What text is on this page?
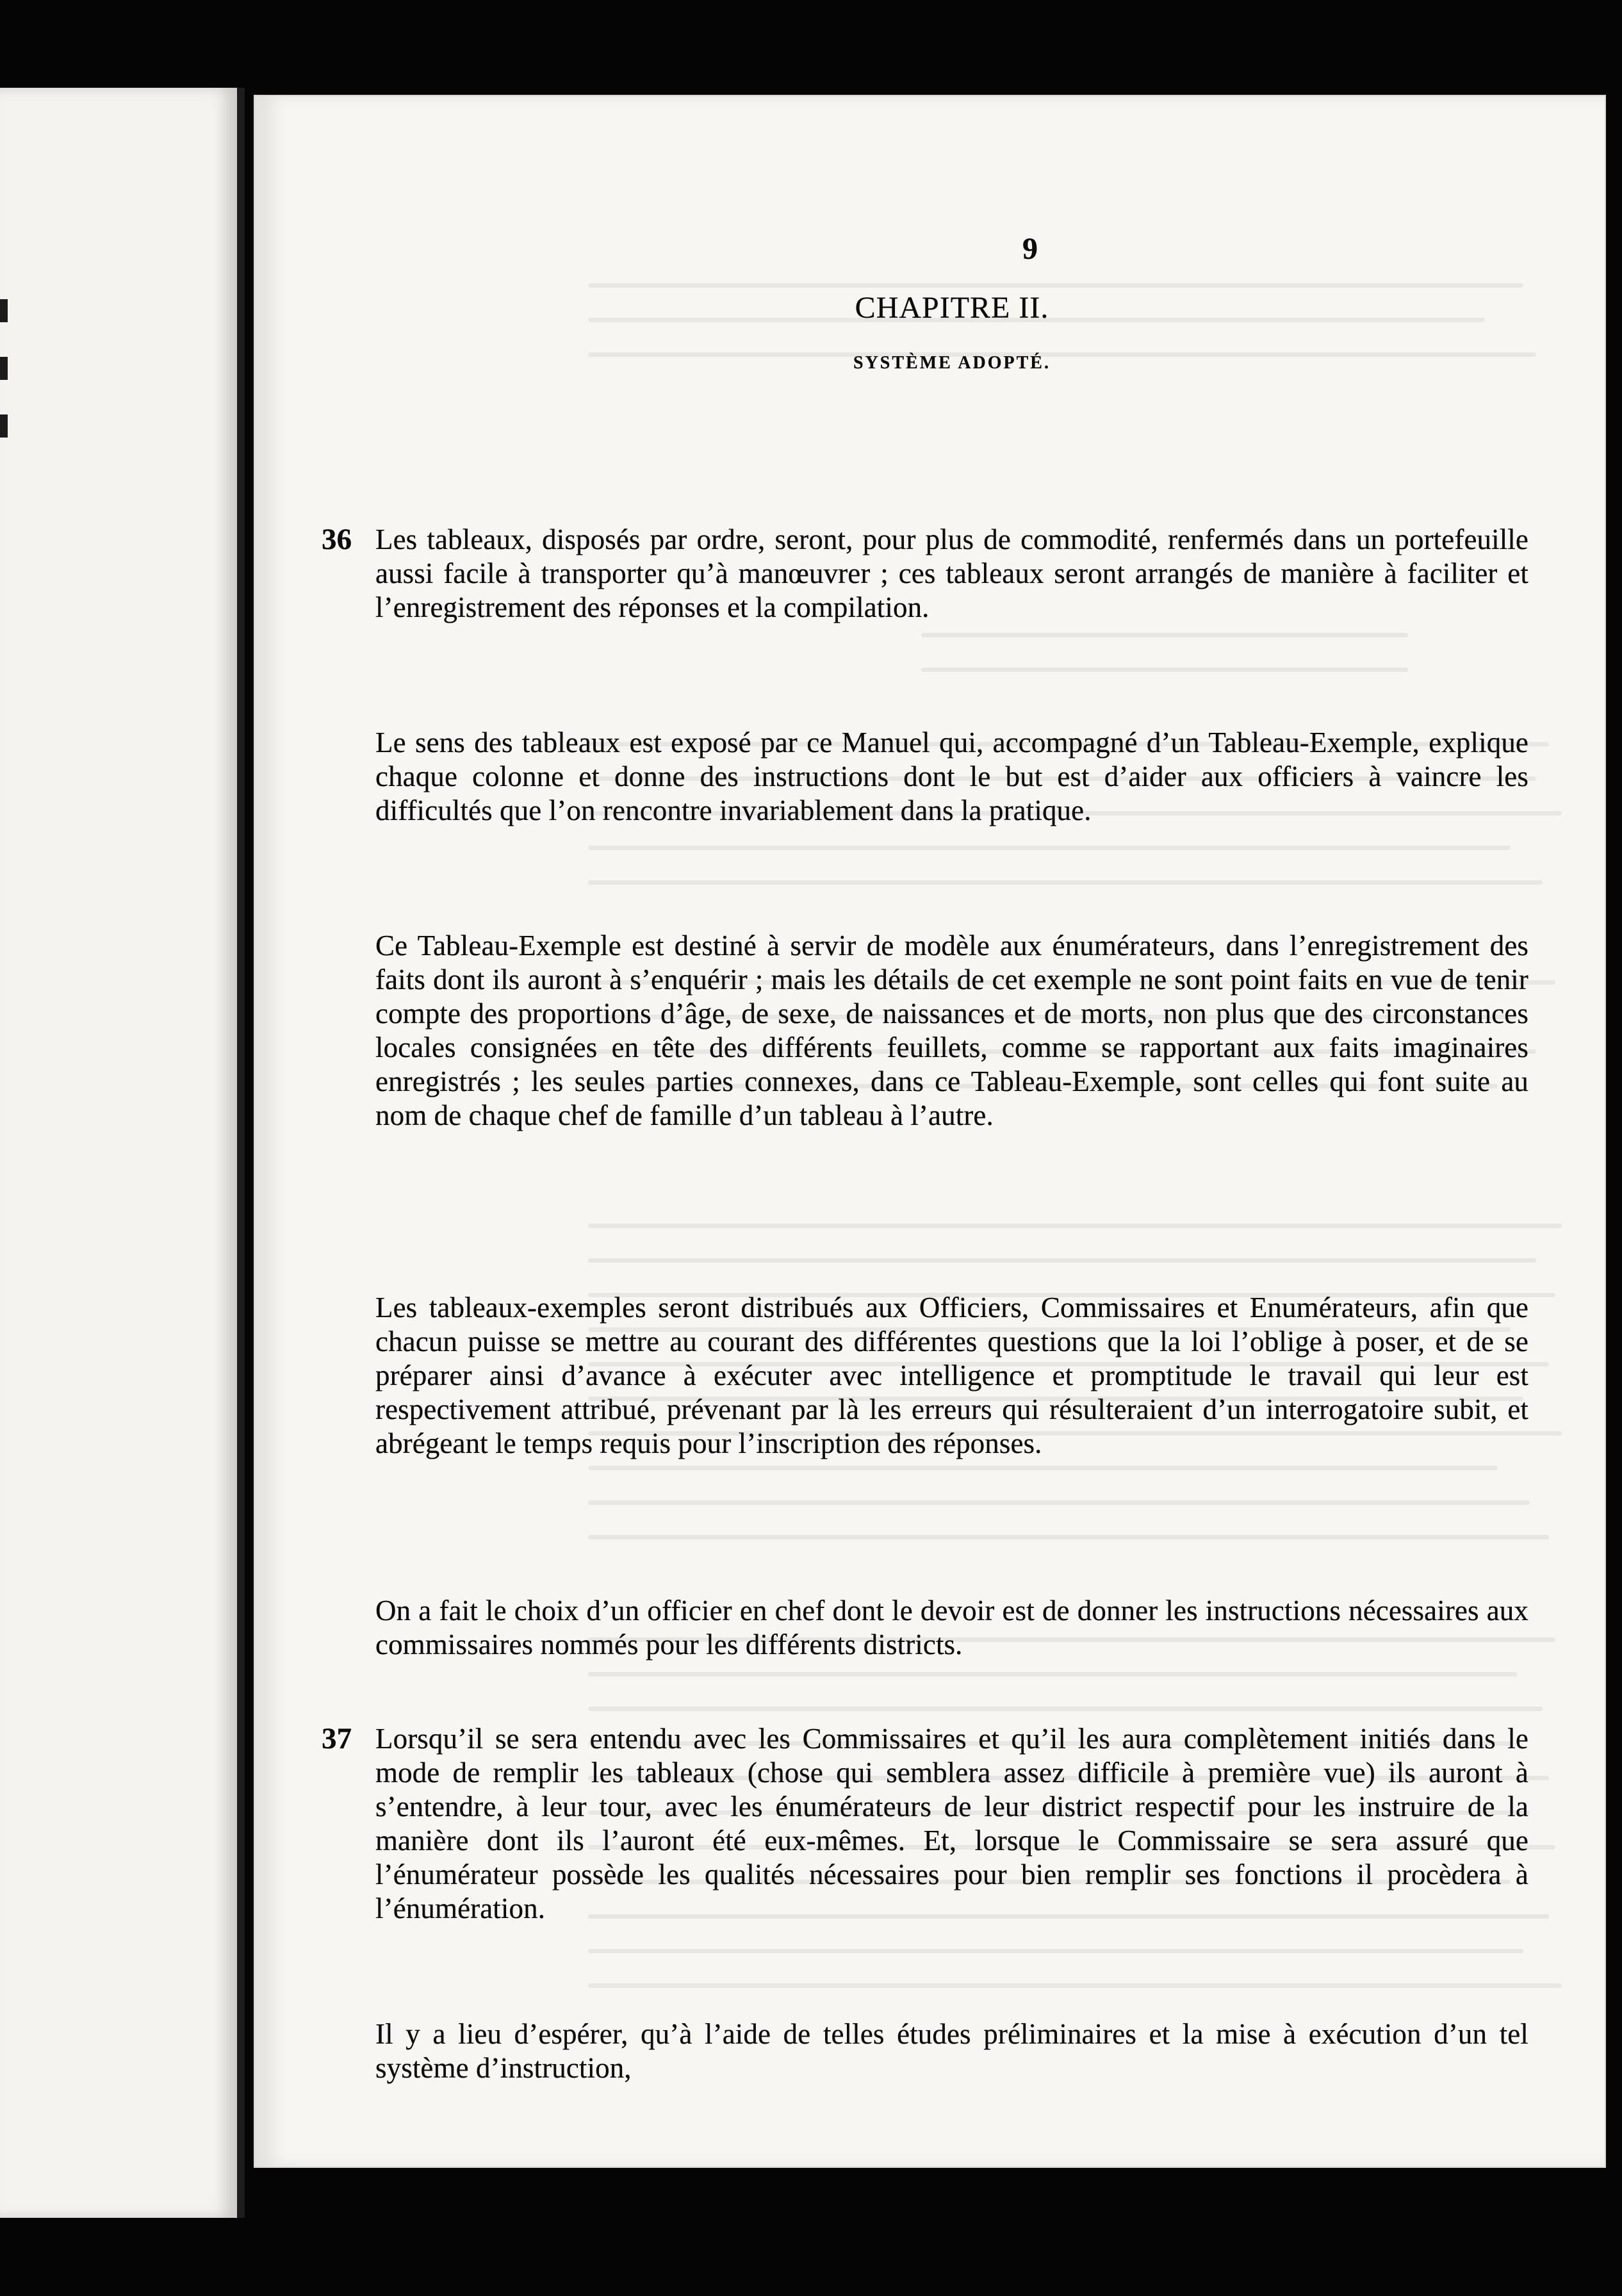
9
CHAPITRE II.
SYSTÈME ADOPTÉ.
36 Les tableaux, disposés par ordre, seront, pour plus de commodité, renfermés dans un portefeuille aussi facile à transporter qu’à manœuvrer ; ces tableaux seront arrangés de manière à faciliter et l’enregistrement des réponses et la compilation.
Le sens des tableaux est exposé par ce Manuel qui, accompagné d’un Tableau-Exemple, explique chaque colonne et donne des instructions dont le but est d’aider aux officiers à vaincre les difficultés que l’on rencontre invariablement dans la pratique.
Ce Tableau-Exemple est destiné à servir de modèle aux énumérateurs, dans l’enregistrement des faits dont ils auront à s’enquérir ; mais les détails de cet exemple ne sont point faits en vue de tenir compte des proportions d’âge, de sexe, de naissances et de morts, non plus que des circonstances locales consignées en tête des différents feuillets, comme se rapportant aux faits imaginaires enregistrés ; les seules parties connexes, dans ce Tableau-Exemple, sont celles qui font suite au nom de chaque chef de famille d’un tableau à l’autre.
Les tableaux-exemples seront distribués aux Officiers, Commissaires et Enumérateurs, afin que chacun puisse se mettre au courant des différentes questions que la loi l’oblige à poser, et de se préparer ainsi d’avance à exécuter avec intelligence et promptitude le travail qui leur est respectivement attribué, prévenant par là les erreurs qui résulteraient d’un interrogatoire subit, et abrégeant le temps requis pour l’inscription des réponses.
On a fait le choix d’un officier en chef dont le devoir est de donner les instructions nécessaires aux commissaires nommés pour les différents districts.
37 Lorsqu’il se sera entendu avec les Commissaires et qu’il les aura complètement initiés dans le mode de remplir les tableaux (chose qui semblera assez difficile à première vue) ils auront à s’entendre, à leur tour, avec les énumérateurs de leur district respectif pour les instruire de la manière dont ils l’auront été eux-mêmes. Et, lorsque le Commissaire se sera assuré que l’énumérateur possède les qualités nécessaires pour bien remplir ses fonctions il procèdera à l’énumération.
Il y a lieu d’espérer, qu’à l’aide de telles études préliminaires et la mise à exécution d’un tel système d’instruction,
